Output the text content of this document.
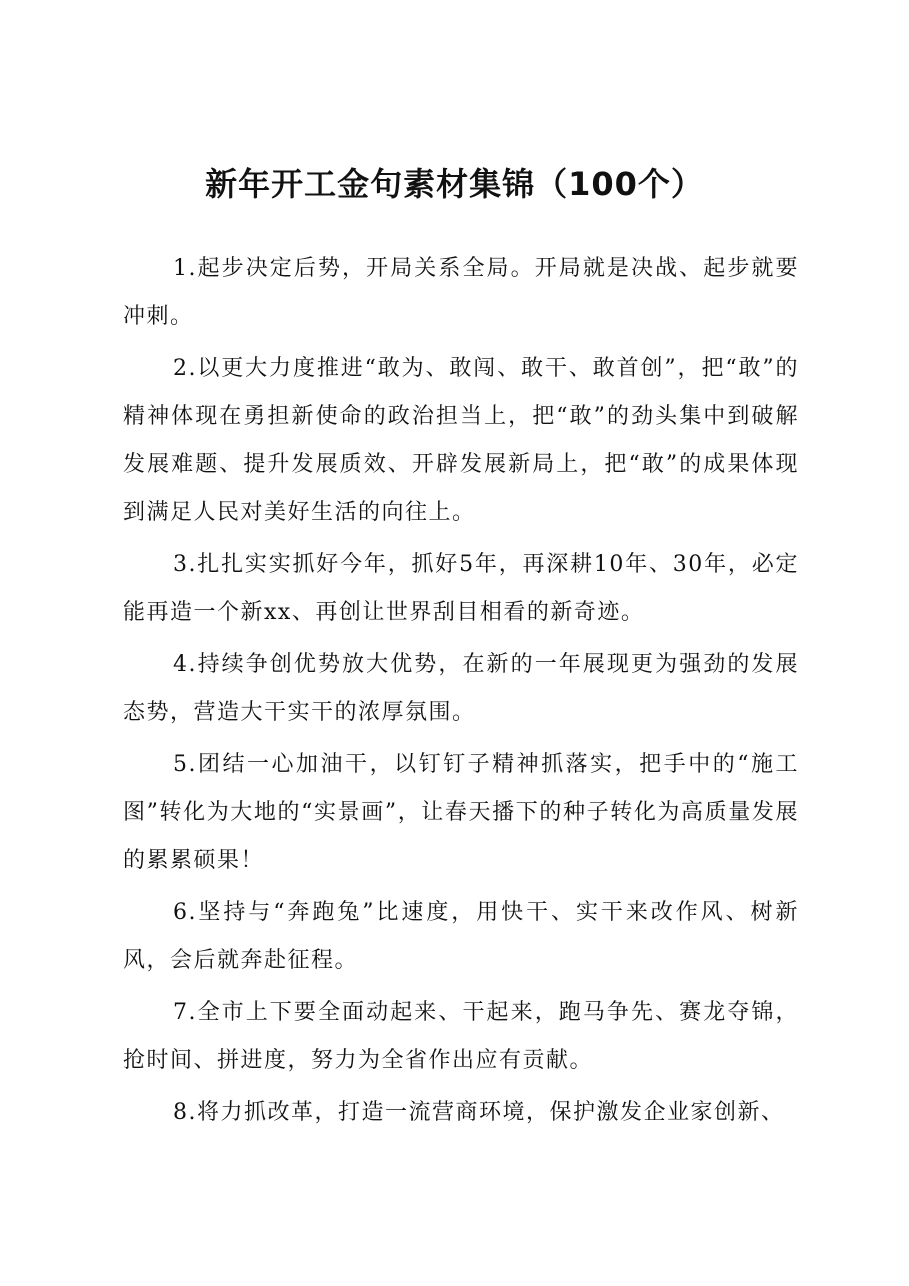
新年开工金句素材集锦（100个）

1.起步决定后势，开局关系全局。开局就是决战、起步就要冲刺。

2.以更大力度推进“敢为、敢闯、敢干、敢首创”，把“敢”的精神体现在勇担新使命的政治担当上，把“敢”的劲头集中到破解发展难题、提升发展质效、开辟发展新局上，把“敢”的成果体现到满足人民对美好生活的向往上。

3.扎扎实实抓好今年，抓好5年，再深耕10年、30年，必定能再造一个新xx、再创让世界刮目相看的新奇迹。

4.持续争创优势放大优势，在新的一年展现更为强劲的发展态势，营造大干实干的浓厚氛围。

5.团结一心加油干，以钉钉子精神抓落实，把手中的“施工图”转化为大地的“实景画”，让春天播下的种子转化为高质量发展的累累硕果！

6.坚持与“奔跑兔”比速度，用快干、实干来改作风、树新风，会后就奔赴征程。

7.全市上下要全面动起来、干起来，跑马争先、赛龙夺锦，抢时间、拼进度，努力为全省作出应有贡献。

8.将力抓改革，打造一流营商环境，保护激发企业家创新、
